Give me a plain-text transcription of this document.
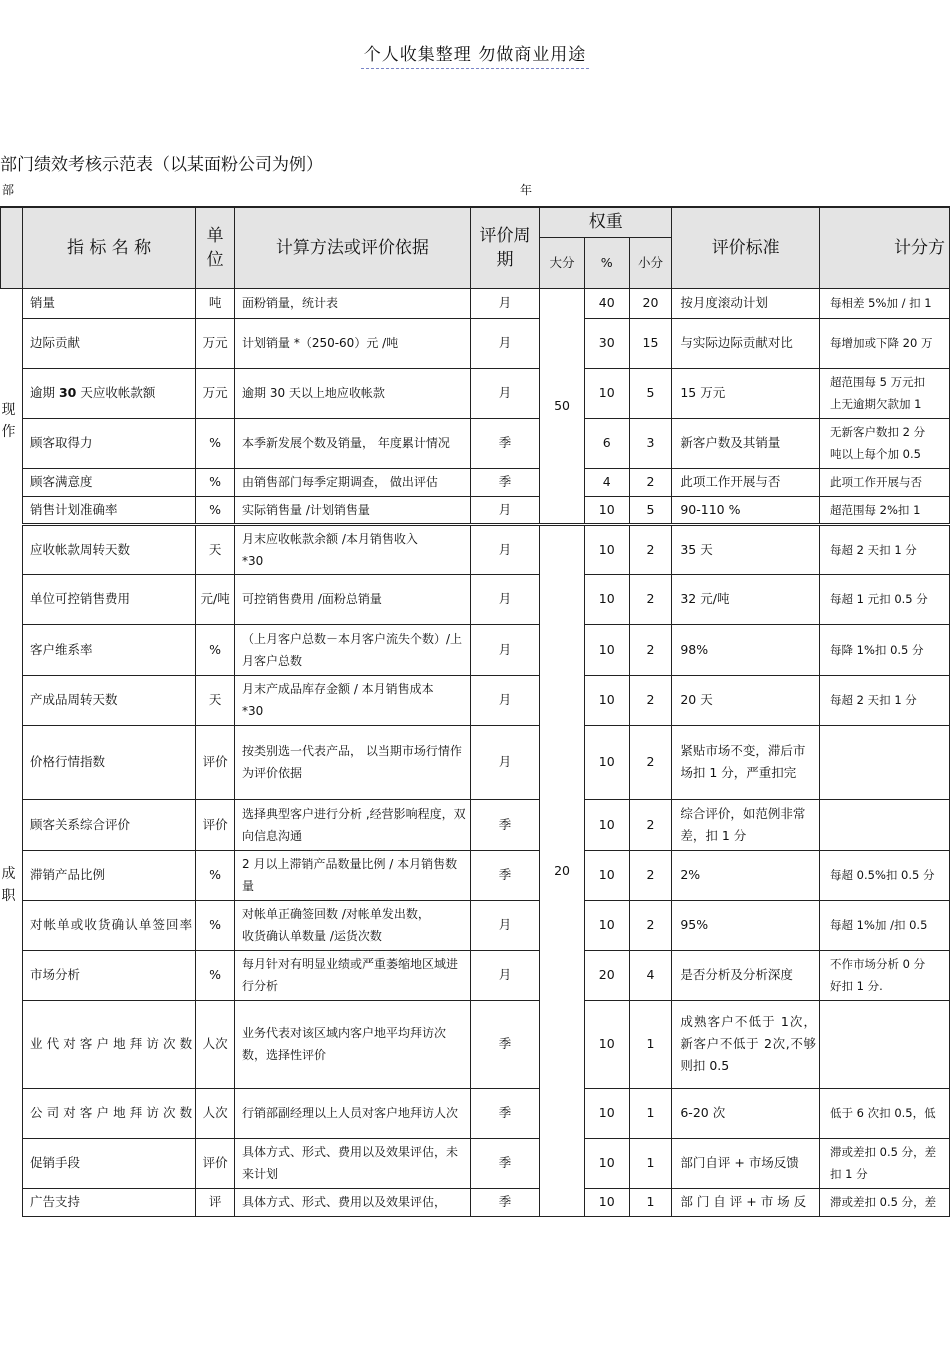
个人收集整理 勿做商业用途
部门绩效考核示范表（以某面粉公司为例）
部	年
	指 标 名 称	单位	计算方法或评价依据	评价周期	权重			评价标准	计分方
					大分	%	小分		

现作	销量	吨	面粉销量，统计表	月	50	40	20	按月度滚动计划	每相差 5%加 / 扣 1
	边际贡献	万元	计划销量 *（250-60）元 /吨	月		30	15	与实际边际贡献对比	每增加或下降 20 万
	逾期 30 天应收帐款额	万元	逾期 30 天以上地应收帐款	月		10	5	15 万元	超范围每 5 万元扣
上无逾期欠款加 1
	顾客取得力	%	本季新发展个数及销量， 年度累计情况	季		6	3	新客户数及其销量	无新客户数扣 2 分
吨以上每个加 0.5
	顾客满意度	%	由销售部门每季定期调查， 做出评估	季		4	2	此项工作开展与否	此项工作开展与否
	销售计划准确率	%	实际销售量 /计划销售量	月		10	5	90-110 %	超范围每 2%扣 1

成职	应收帐款周转天数	天	月末应收帐款余额 /本月销售收入
*30	月	20	10	2	35 天	每超 2 天扣 1 分
	单位可控销售费用	元/吨	可控销售费用 /面粉总销量	月		10	2	32 元/吨	每超 1 元扣 0.5 分
	客户维系率	%	（上月客户总数－本月客户流失个数）/上月客户总数	月		10	2	98%	每降 1%扣 0.5 分
	产成品周转天数	天	月末产成品库存金额 / 本月销售成本
*30	月		10	2	20 天	每超 2 天扣 1 分
	价格行情指数	评价	按类别选一代表产品， 以当期市场行情作为评价依据	月		10	2	紧贴市场不变，滞后市场扣 1 分，严重扣完	
	顾客关系综合评价	评价	选择典型客户进行分析 ,经营影响程度，双向信息沟通	季		10	2	综合评价，如范例非常差，扣 1 分	
	滞销产品比例	%	2 月以上滞销产品数量比例 / 本月销售数量	季		10	2	2%	每超 0.5%扣 0.5 分
	对帐单或收货确认单签回率	%	对帐单正确签回数 /对帐单发出数，
收货确认单数量 /运货次数	月		10	2	95%	每超 1%加 /扣 0.5
	市场分析	%	每月针对有明显业绩或严重萎缩地区域进行分析	月		20	4	是否分析及分析深度	不作市场分析 0 分
好扣 1 分.
	业代对客户地拜访次数	人次	业务代表对该区域内客户地平均拜访次数，选择性评价	季		10	1	成熟客户不低于 1次，新客户不低于 2次,不够则扣 0.5	
	公司对客户地拜访次数	人次	行销部副经理以上人员对客户地拜访人次	季		10	1	6-20 次	低于 6 次扣 0.5，低
	促销手段	评价	具体方式、形式、费用以及效果评估，未来计划	季		10	1	部门自评 + 市场反馈	滞或差扣 0.5 分，差
扣 1 分
	广告支持	评	具体方式、形式、费用以及效果评估，	季		10	1	部 门 自 评 + 市 场 反	滞或差扣 0.5 分，差
